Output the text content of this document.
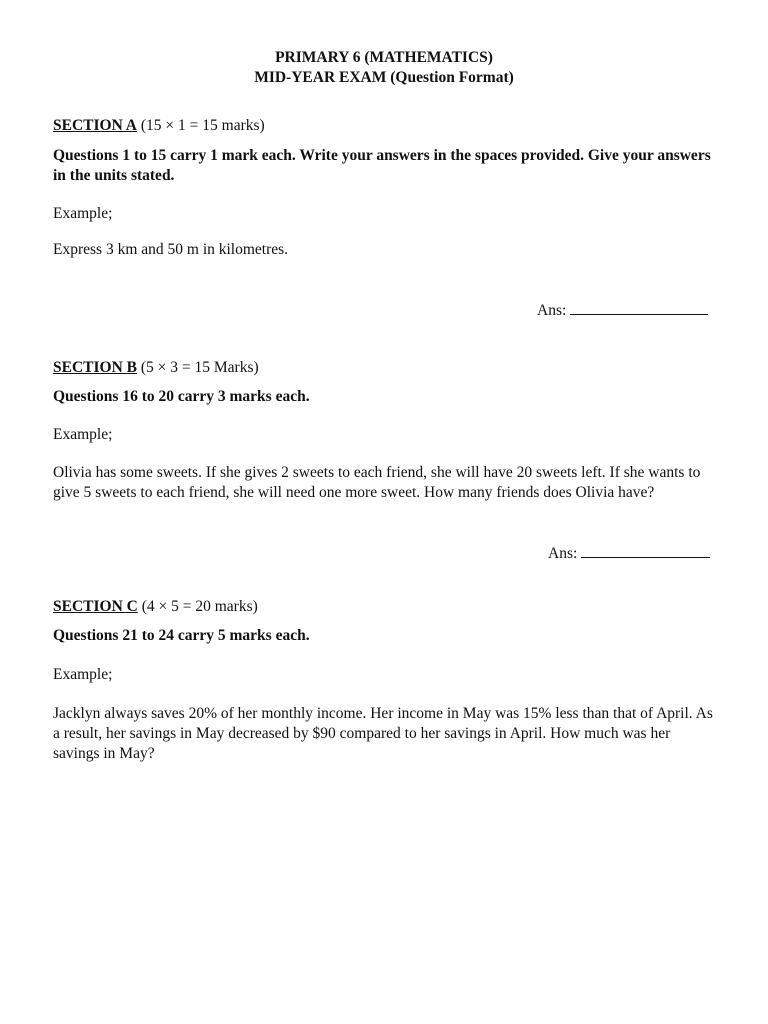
PRIMARY 6 (MATHEMATICS)
MID-YEAR EXAM (Question Format)
SECTION A (15 × 1 = 15 marks)
Questions 1 to 15 carry 1 mark each. Write your answers in the spaces provided. Give your answers in the units stated.
Example;
Express 3 km and 50 m in kilometres.
Ans:
SECTION B (5 × 3 = 15 Marks)
Questions 16 to 20 carry 3 marks each.
Example;
Olivia has some sweets. If she gives 2 sweets to each friend, she will have 20 sweets left. If she wants to give 5 sweets to each friend, she will need one more sweet. How many friends does Olivia have?
Ans:
SECTION C (4 × 5 = 20 marks)
Questions 21 to 24 carry 5 marks each.
Example;
Jacklyn always saves 20% of her monthly income. Her income in May was 15% less than that of April. As a result, her savings in May decreased by $90 compared to her savings in April. How much was her savings in May?
